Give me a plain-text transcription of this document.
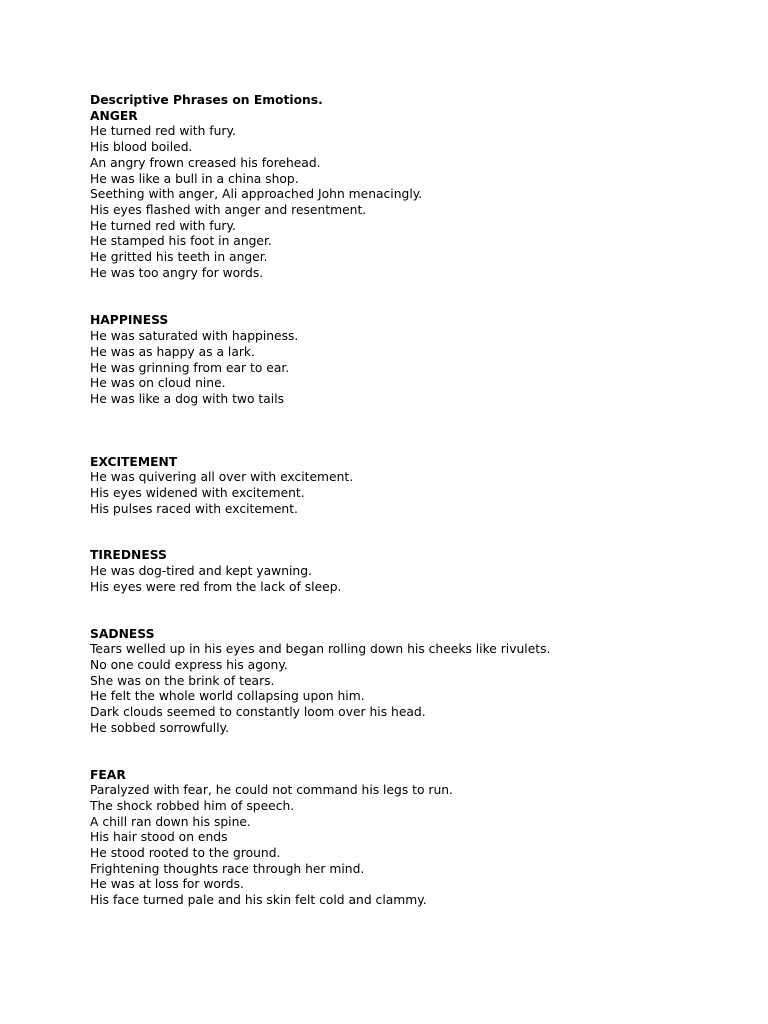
Descriptive Phrases on Emotions.
ANGER
He turned red with fury.
His blood boiled.
An angry frown creased his forehead.
He was like a bull in a china shop.
Seething with anger, Ali approached John menacingly.
His eyes flashed with anger and resentment.
He turned red with fury.
He stamped his foot in anger.
He gritted his teeth in anger.
He was too angry for words.
HAPPINESS
He was saturated with happiness.
He was as happy as a lark.
He was grinning from ear to ear.
He was on cloud nine.
He was like a dog with two tails
EXCITEMENT
He was quivering all over with excitement.
His eyes widened with excitement.
His pulses raced with excitement.
TIREDNESS
He was dog-tired and kept yawning.
His eyes were red from the lack of sleep.
SADNESS
Tears welled up in his eyes and began rolling down his cheeks like rivulets.
No one could express his agony.
She was on the brink of tears.
He felt the whole world collapsing upon him.
Dark clouds seemed to constantly loom over his head.
He sobbed sorrowfully.
FEAR
Paralyzed with fear, he could not command his legs to run.
The shock robbed him of speech.
A chill ran down his spine.
His hair stood on ends
He stood rooted to the ground.
Frightening thoughts race through her mind.
He was at loss for words.
His face turned pale and his skin felt cold and clammy.
